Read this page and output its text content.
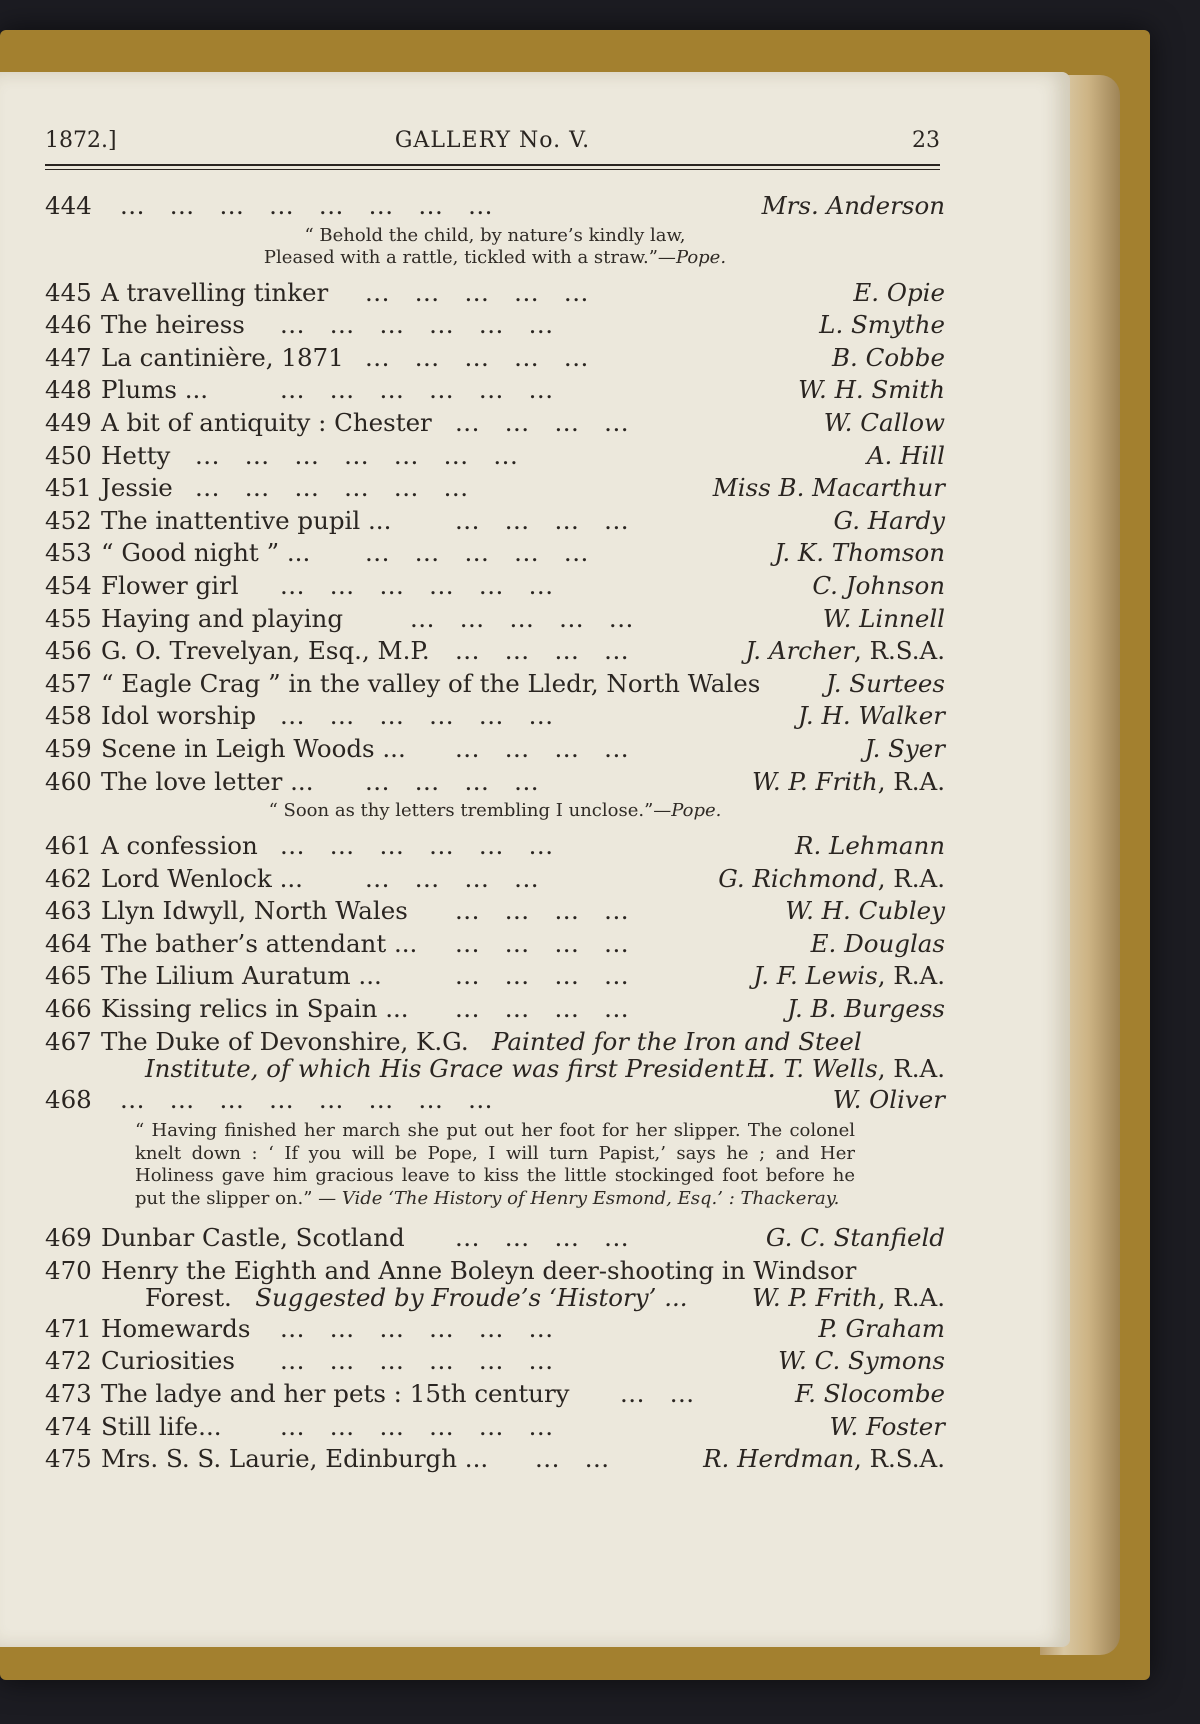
1872.]	GALLERY No. V.	23
444 ...   ...   ...   ...   ...   ...   ...   ...	Mrs. Anderson
“ Behold the child, by nature’s kindly law,
Pleased with a rattle, tickled with a straw.”—Pope.
445 A travelling tinker ...   ...   ...   ...   ...	E. Opie
446 The heiress ...   ...   ...   ...   ...   ...	L. Smythe
447 La cantinière, 1871 ...   ...   ...   ...   ...	B. Cobbe
448 Plums ...	...   ...   ...   ...   ...   ...	W. H. Smith
449 A bit of antiquity : Chester ...   ...   ...   ...	W. Callow
450 Hetty ...   ...   ...   ...   ...   ...   ...	A. Hill
451 Jessie ...   ...   ...   ...   ...   ...	Miss B. Macarthur
452 The inattentive pupil ...	...   ...   ...   ...	G. Hardy
453 “ Good night ” ... ...   ...   ...   ...   ...	J. K. Thomson
454 Flower girl ...   ...   ...   ...   ...   ...	C. Johnson
455 Haying and playing	...   ...   ...   ...   ...	W. Linnell
456 G. O. Trevelyan, Esq., M.P. ...   ...   ...   ...	J. Archer, R.S.A.
457 “ Eagle Crag ” in the valley of the Lledr, North Wales	J. Surtees
458 Idol worship ...   ...   ...   ...   ...   ...	J. H. Walker
459 Scene in Leigh Woods ... ...   ...   ...   ...	J. Syer
460 The love letter ... ...   ...   ...   ...	W. P. Frith, R.A.
“ Soon as thy letters trembling I unclose.”—Pope.
461 A confession ...   ...   ...   ...   ...   ...	R. Lehmann
462 Lord Wenlock ...	...   ...   ...   ...	G. Richmond, R.A.
463 Llyn Idwyll, North Wales ...   ...   ...   ...	W. H. Cubley
464 The bather’s attendant ... ...   ...   ...   ...	E. Douglas
465 The Lilium Auratum ...	...   ...   ...   ...	J. F. Lewis, R.A.
466 Kissing relics in Spain ... ...   ...   ...   ...	J. B. Burgess
467 The Duke of Devonshire, K.G. Painted for the Iron and Steel
Institute, of which His Grace was first President ...
H. T. Wells, R.A.
468 ...   ...   ...   ...   ...   ...   ...   ...	W. Oliver
“ Having finished her march she put out her foot for her slipper. The colonel knelt down : ‘ If you will be Pope, I will turn Papist,’ says he ; and Her Holiness gave him gracious leave to kiss the little stockinged foot before he put the slipper on.” — Vide ‘The History of Henry Esmond, Esq.’ : Thackeray.
469 Dunbar Castle, Scotland ...   ...   ...   ...	G. C. Stanfield
470 Henry the Eighth and Anne Boleyn deer-shooting in Windsor
Forest. Suggested by Froude’s ‘History’ ...	W. P. Frith, R.A.
471 Homewards ...   ...   ...   ...   ...   ...	P. Graham
472 Curiosities ...   ...   ...   ...   ...   ...	W. C. Symons
473 The ladye and her pets : 15th century ...   ...	F. Slocombe
474 Still life... ...   ...   ...   ...   ...   ...	W. Foster
475 Mrs. S. S. Laurie, Edinburgh ... ...   ...	R. Herdman, R.S.A.
